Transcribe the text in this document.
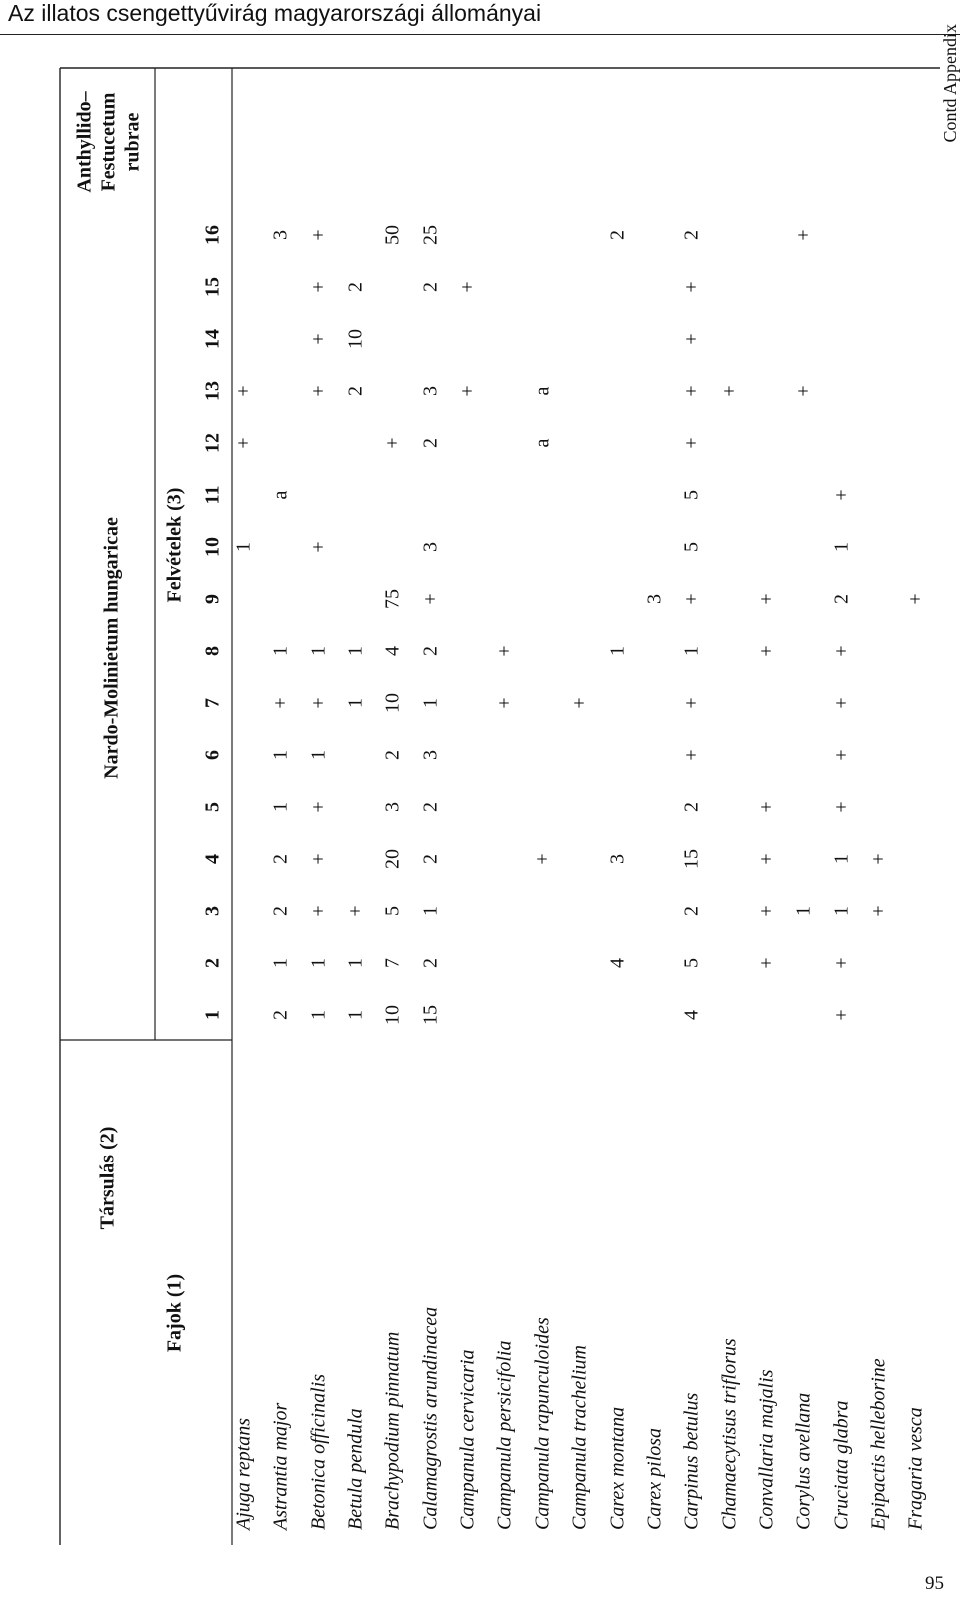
Az illatos csengettyűvirág magyarországi állományai
Contd Appendix
95
Fajok (1)
Társulás (2)
Nardo-Molinietum hungaricae	Felvételek (3)
Anthyllido– Festucetum rubrae
1
2
3
4
5
6
7
8
9
10
11
12
13
14
15
16
Ajuga reptans
1
+
+
Astrantia major
2
1
2
2
1
1
+
1
a
3
Betonica officinalis
1
1
+
+
+
1
+
1
+
+
+
+
+
Betula pendula
1
1
+
1
1
2
10
2
Brachypodium pinnatum
10
7
5
20
3
2
10
4
75
+
50
Calamagrostis arundinacea
15
2
1
2
2
3
1
2
+
3
2
3
2
25
Campanula cervicaria
+
+
Campanula persicifolia
+
+
Campanula rapunculoides
+
a
a
Campanula trachelium
+
Carex montana
4
3
1
2
Carex pilosa
3
Carpinus betulus
4
5
2
15
2
+
+
1
+
5
5
+
+
+
+
2
Chamaecytisus triflorus
+
Convallaria majalis
+
+
+
+
+
+
Corylus avellana
1
+
+
Cruciata glabra
+
+
1
1
+
+
+
+
2
1
+
Epipactis helleborine
+
+
Fragaria vesca
+
